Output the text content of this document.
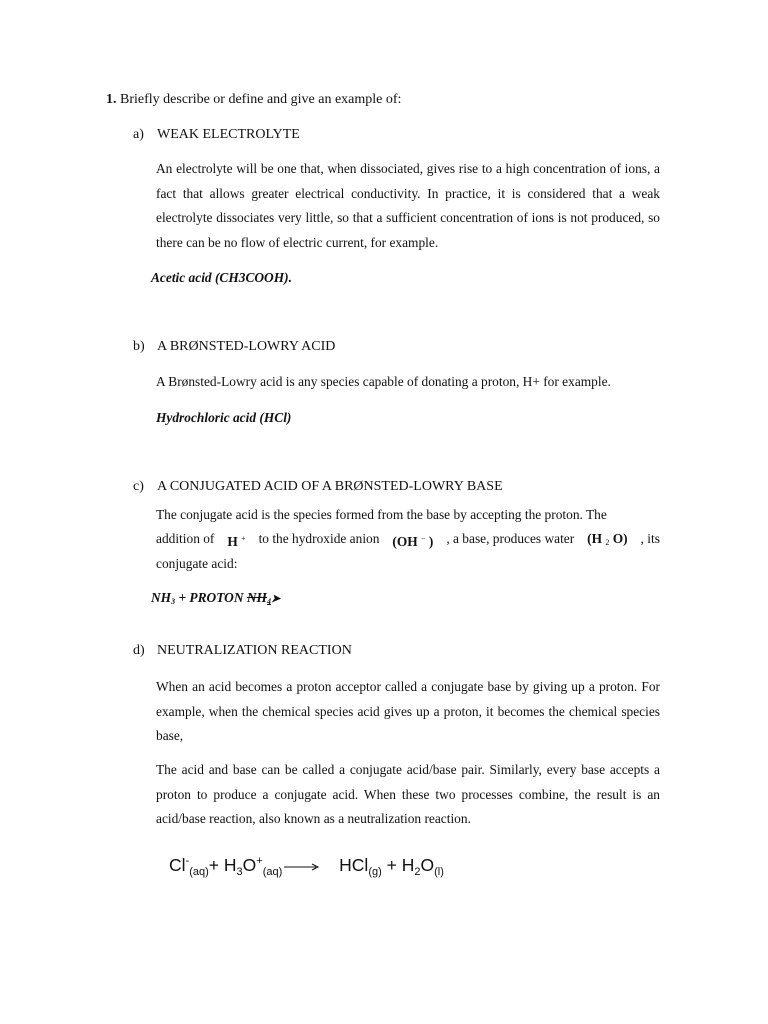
1. Briefly describe or define and give an example of:
a) WEAK ELECTROLYTE
An electrolyte will be one that, when dissociated, gives rise to a high concentration of ions, a fact that allows greater electrical conductivity. In practice, it is considered that a weak electrolyte dissociates very little, so that a sufficient concentration of ions is not produced, so there can be no flow of electric current, for example.
Acetic acid (CH3COOH).
b) A BRØNSTED-LOWRY ACID
A Brønsted-Lowry acid is any species capable of donating a proton, H+ for example.
Hydrochloric acid (HCl)
c) A CONJUGATED ACID OF A BRØNSTED-LOWRY BASE
The conjugate acid is the species formed from the base by accepting the proton. The
addition of H + to the hydroxide anion (OH − ) , a base, produces water (H $_2$ O) , its
conjugate acid:
$NH_3$ + PROTON $NH_4➤$
d) NEUTRALIZATION REACTION
When an acid becomes a proton acceptor called a conjugate base by giving up a proton. For example, when the chemical species acid gives up a proton, it becomes the chemical species base,
The acid and base can be called a conjugate acid/base pair. Similarly, every base accepts a proton to produce a conjugate acid. When these two processes combine, the result is an acid/base reaction, also known as a neutralization reaction.
$Cl^-_{(aq)}+ H_3O^+_{(aq)} \to HCl_{(g)} + H_2O_{(l)}$
